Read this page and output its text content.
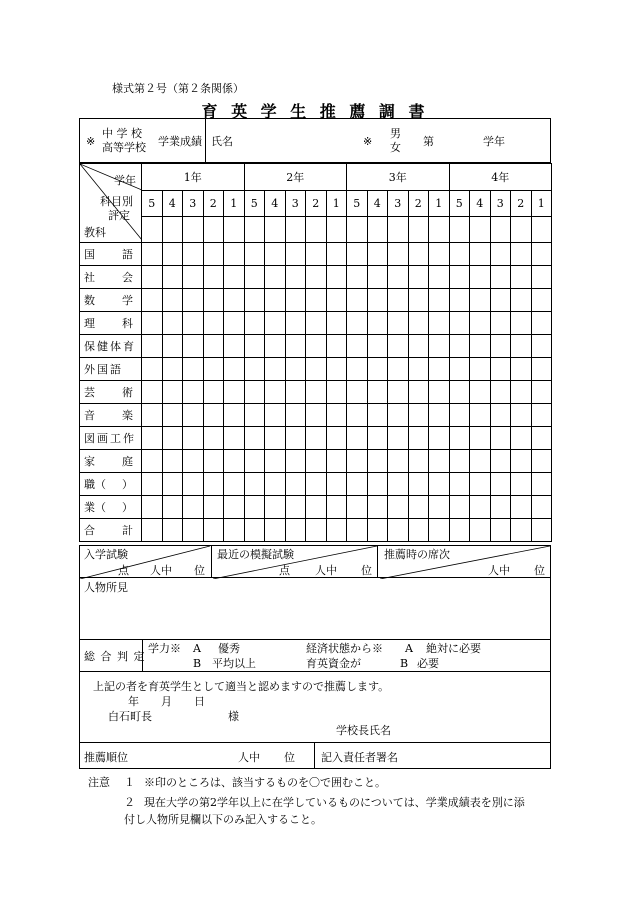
様式第２号（第２条関係）
育 英 学 生 推 薦 調 書
※
中 学 校
高等学校 学業成績 氏名	※
男
女 第	学年
学年
科目別
評定
教科	1年					2年					3年					4年				
	5	4	3	2	1	5	4	3	2	1	5	4	3	2	1	5	4	3	2	1

国 語																				

社 会																				

数 学																				

理 科																				

保健体育																				
外国語																				

芸 術																				

音 楽																				

図画工作																				

家 庭																				

職（ ）																				

業（ ）																				

合 計																				

入学試験
点 人中 位
最近の模擬試験
点 人中 位
推薦時の席次
人中 位
人物所見
総 合 判 定
学力※ A 優秀
B 平均以上
経済状態から※ A 絶対に必要
育英資金が	B 必要
上記の者を育英学生として適当と認めますので推薦します。
年　　月　　日
白石町長	様
学校長氏名
推薦順位	人中 位 記入責任者署名
注意 １ ※印のところは、該当するものを〇で囲むこと。
２ 現在大学の第2学年以上に在学しているものについては、学業成績表を別に添
付し人物所見欄以下のみ記入すること。
